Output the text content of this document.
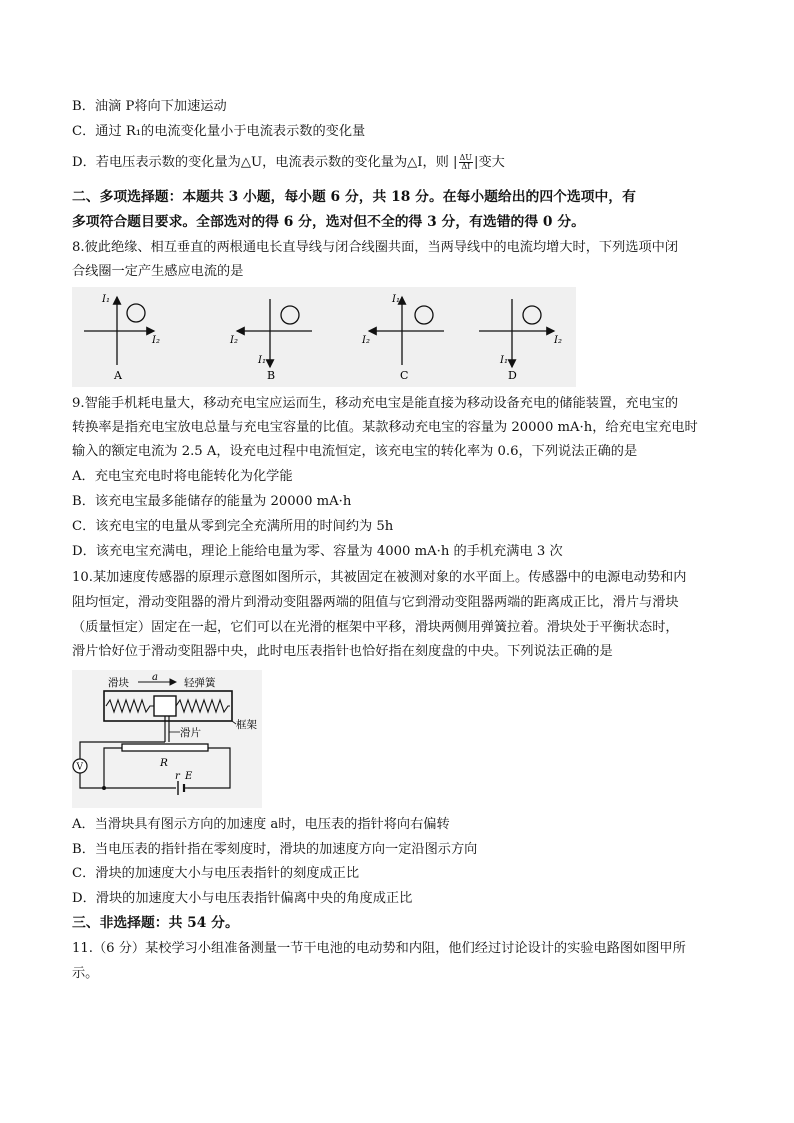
B．油滴 P将向下加速运动
C．通过 R₁的电流变化量小于电流表示数的变化量
D．若电压表示数的变化量为△U，电流表示数的变化量为△I，则 | $\frac{\Delta U}{\Delta I}$ |变大
二、多项选择题：本题共 3 小题，每小题 6 分，共 18 分。在每小题给出的四个选项中，有
多项符合题目要求。全部选对的得 6 分，选对但不全的得 3 分，有选错的得 0 分。
8.彼此绝缘、相互垂直的两根通电长直导线与闭合线圈共面，当两导线中的电流均增大时，下列选项中闭
合线圈一定产生感应电流的是
I₁
I₂
A
I₂
I₁
B
I₁
I₂
C
I₂
I₁
D
9.智能手机耗电量大，移动充电宝应运而生，移动充电宝是能直接为移动设备充电的储能装置，充电宝的
转换率是指充电宝放电总量与充电宝容量的比值。某款移动充电宝的容量为 20000 mA·h，给充电宝充电时
输入的额定电流为 2.5 A，设充电过程中电流恒定，该充电宝的转化率为 0.6，下列说法正确的是
A．充电宝充电时将电能转化为化学能
B．该充电宝最多能储存的能量为 20000 mA·h
C．该充电宝的电量从零到完全充满所用的时间约为 5h
D．该充电宝充满电，理论上能给电量为零、容量为 4000 mA·h 的手机充满电 3 次
10.某加速度传感器的原理示意图如图所示，其被固定在被测对象的水平面上。传感器中的电源电动势和内
阻均恒定，滑动变阻器的滑片到滑动变阻器两端的阻值与它到滑动变阻器两端的距离成正比，滑片与滑块
（质量恒定）固定在一起，它们可以在光滑的框架中平移，滑块两侧用弹簧拉着。滑块处于平衡状态时，
滑片恰好位于滑动变阻器中央，此时电压表指针也恰好指在刻度盘的中央。下列说法正确的是
滑块 a 轻弹簧
框架
滑片
R
r E
V
A．当滑块具有图示方向的加速度 a时，电压表的指针将向右偏转
B．当电压表的指针指在零刻度时，滑块的加速度方向一定沿图示方向
C．滑块的加速度大小与电压表指针的刻度成正比
D．滑块的加速度大小与电压表指针偏离中央的角度成正比
三、非选择题：共 54 分。
11.（6 分）某校学习小组准备测量一节干电池的电动势和内阻，他们经过讨论设计的实验电路图如图甲所
示。
